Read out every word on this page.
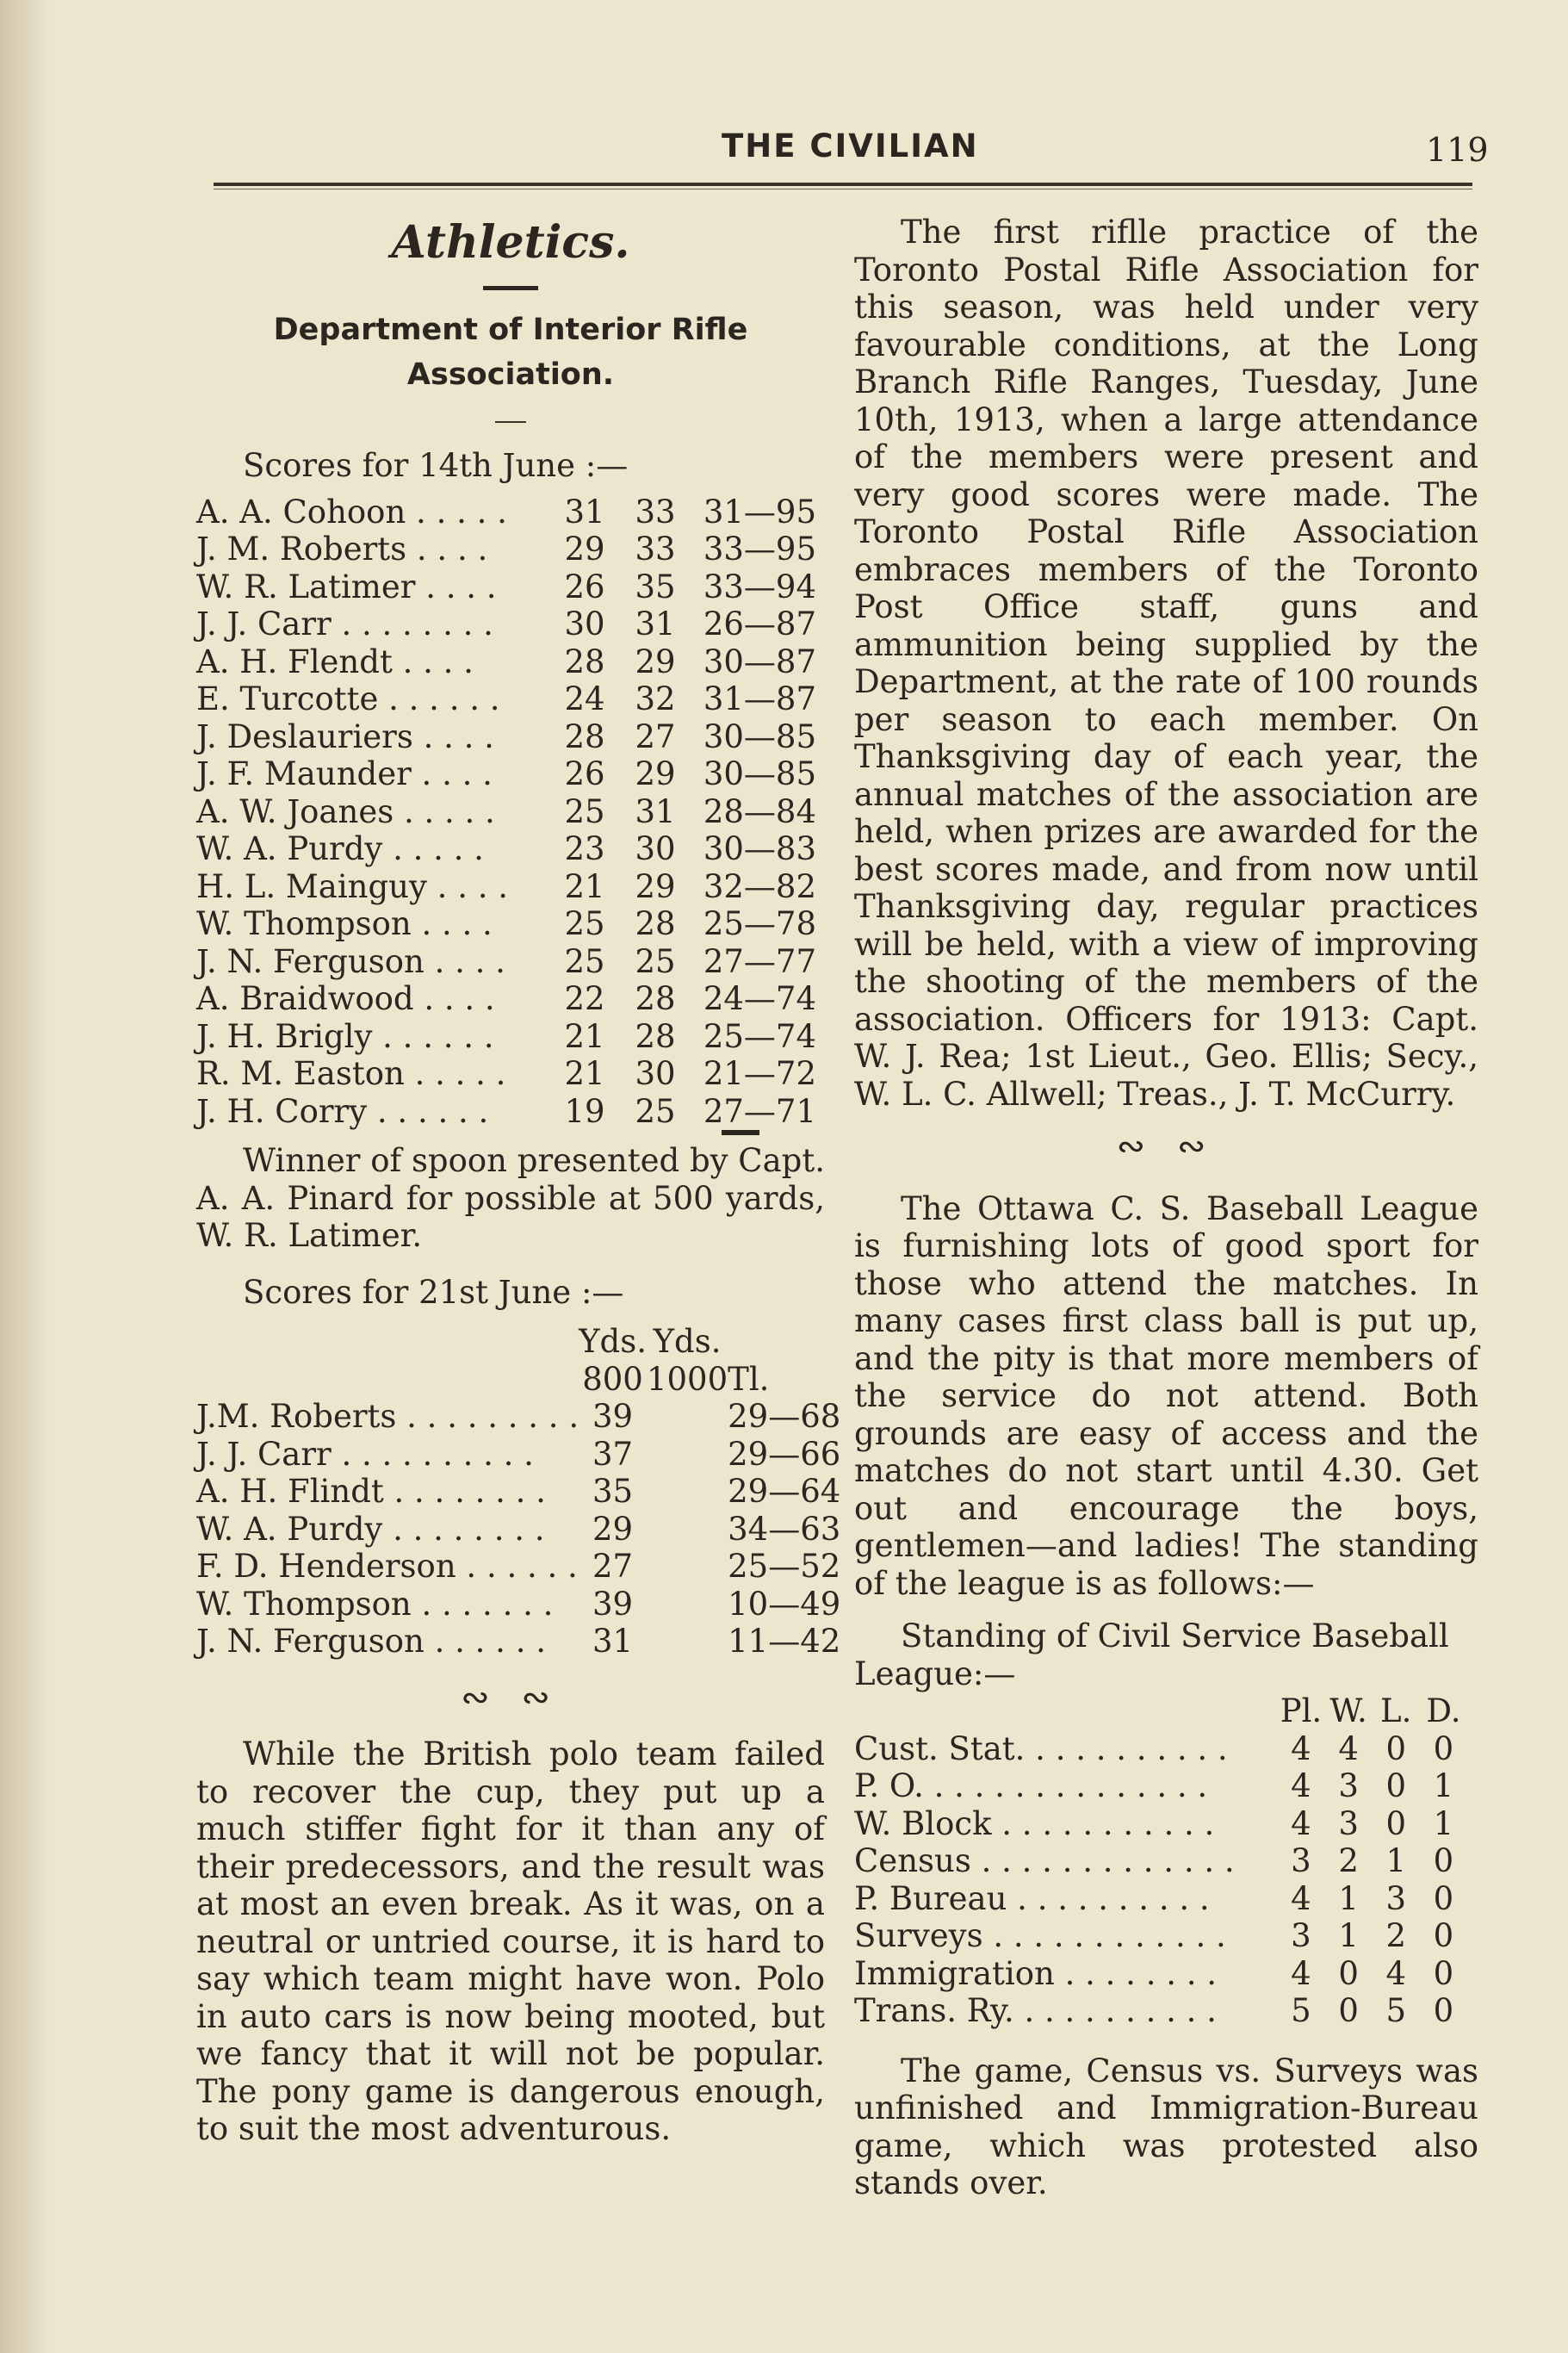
THE CIVILIAN	119
Athletics.
Department of Interior Rifle Association.
Scores for 14th June :—
A. A. Cohoon . . . . .	31	33	31—95
J. M. Roberts . . . .	29	33	33—95
W. R. Latimer . . . .	26	35	33—94
J. J. Carr . . . . . . . .	30	31	26—87
A. H. Flendt . . . .	28	29	30—87
E. Turcotte . . . . . .	24	32	31—87
J. Deslauriers . . . .	28	27	30—85
J. F. Maunder . . . .	26	29	30—85
A. W. Joanes . . . . .	25	31	28—84
W. A. Purdy . . . . .	23	30	30—83
H. L. Mainguy . . . .	21	29	32—82
W. Thompson . . . .	25	28	25—78
J. N. Ferguson . . . .	25	25	27—77
A. Braidwood . . . .	22	28	24—74
J. H. Brigly . . . . . .	21	28	25—74
R. M. Easton . . . . .	21	30	21—72
J. H. Corry . . . . . .	19	25	27—71
Winner of spoon presented by Capt. A. A. Pinard for possible at 500 yards, W. R. Latimer.
Scores for 21st June :—
	Yds.	Yds.	
	800	1000	Tl.
J.M. Roberts . . . . . . . . .	39		29—68
J. J. Carr . . . . . . . . . .	37		29—66
A. H. Flindt . . . . . . . .	35		29—64
W. A. Purdy . . . . . . . .	29		34—63
F. D. Henderson . . . . . .	27		25—52
W. Thompson . . . . . . .	39		10—49
J. N. Ferguson . . . . . .	31		11—42
∾ ∾
While the British polo team failed to recover the cup, they put up a much stiffer fight for it than any of their predecessors, and the result was at most an even break. As it was, on a neutral or untried course, it is hard to say which team might have won. Polo in auto cars is now being mooted, but we fancy that it will not be popular. The pony game is dangerous enough, to suit the most adventurous.
The first riflle practice of the Toronto Postal Rifle Association for this season, was held under very favourable conditions, at the Long Branch Rifle Ranges, Tuesday, June 10th, 1913, when a large attendance of the members were present and very good scores were made. The Toronto Postal Rifle Association embraces members of the Toronto Post Office staff, guns and ammunition being supplied by the Department, at the rate of 100 rounds per season to each member. On Thanksgiving day of each year, the annual matches of the association are held, when prizes are awarded for the best scores made, and from now until Thanksgiving day, regular practices will be held, with a view of improving the shooting of the members of the association. Officers for 1913: Capt. W. J. Rea; 1st Lieut., Geo. Ellis; Secy., W. L. C. Allwell; Treas., J. T. McCurry.
∾ ∾
The Ottawa C. S. Baseball League is furnishing lots of good sport for those who attend the matches. In many cases first class ball is put up, and the pity is that more members of the service do not attend. Both grounds are easy of access and the matches do not start until 4.30. Get out and encourage the boys, gentlemen—and ladies! The standing of the league is as follows:—
Standing of Civil Service Baseball League:—
	Pl.	W.	L.	D.
Cust. Stat. . . . . . . . . . .	4	4	0	0
P. O. . . . . . . . . . . . . . .	4	3	0	1
W. Block . . . . . . . . . . .	4	3	0	1
Census . . . . . . . . . . . . .	3	2	1	0
P. Bureau . . . . . . . . . .	4	1	3	0
Surveys . . . . . . . . . . . .	3	1	2	0
Immigration . . . . . . . .	4	0	4	0
Trans. Ry. . . . . . . . . . .	5	0	5	0
The game, Census vs. Surveys was unfinished and Immigration-Bureau game, which was protested also stands over.
